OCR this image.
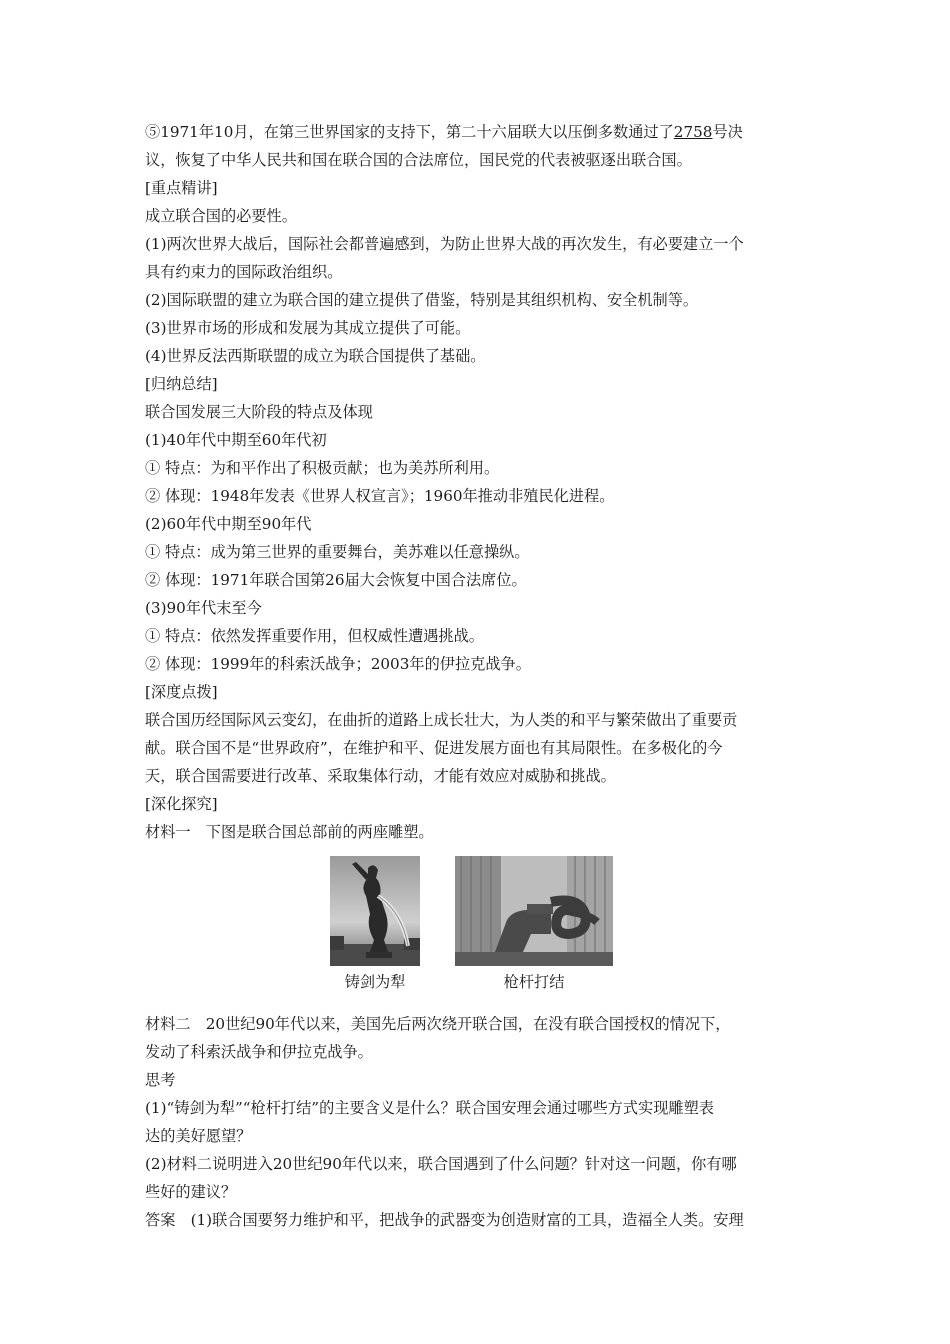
⑤1971年10月，在第三世界国家的支持下，第二十六届联大以压倒多数通过了2758号决
议，恢复了中华人民共和国在联合国的合法席位，国民党的代表被驱逐出联合国。
[重点精讲]
成立联合国的必要性。
(1)两次世界大战后，国际社会都普遍感到，为防止世界大战的再次发生，有必要建立一个
具有约束力的国际政治组织。
(2)国际联盟的建立为联合国的建立提供了借鉴，特别是其组织机构、安全机制等。
(3)世界市场的形成和发展为其成立提供了可能。
(4)世界反法西斯联盟的成立为联合国提供了基础。
[归纳总结]
联合国发展三大阶段的特点及体现
(1)40年代中期至60年代初
① 特点：为和平作出了积极贡献；也为美苏所利用。
② 体现：1948年发表《世界人权宣言》；1960年推动非殖民化进程。
(2)60年代中期至90年代
① 特点：成为第三世界的重要舞台，美苏难以任意操纵。
② 体现：1971年联合国第26届大会恢复中国合法席位。
(3)90年代末至今
① 特点：依然发挥重要作用，但权威性遭遇挑战。
② 体现：1999年的科索沃战争；2003年的伊拉克战争。
[深度点拨]
联合国历经国际风云变幻，在曲折的道路上成长壮大，为人类的和平与繁荣做出了重要贡
献。联合国不是“世界政府”，在维护和平、促进发展方面也有其局限性。在多极化的今
天，联合国需要进行改革、采取集体行动，才能有效应对威胁和挑战。
[深化探究]
材料一　下图是联合国总部前的两座雕塑。
铸剑为犁	枪杆打结
材料二　20世纪90年代以来，美国先后两次绕开联合国，在没有联合国授权的情况下，
发动了科索沃战争和伊拉克战争。
思考
(1)“铸剑为犁”“枪杆打结”的主要含义是什么？联合国安理会通过哪些方式实现雕塑表
达的美好愿望？
(2)材料二说明进入20世纪90年代以来，联合国遇到了什么问题？针对这一问题，你有哪
些好的建议？
答案　(1)联合国要努力维护和平，把战争的武器变为创造财富的工具，造福全人类。安理
